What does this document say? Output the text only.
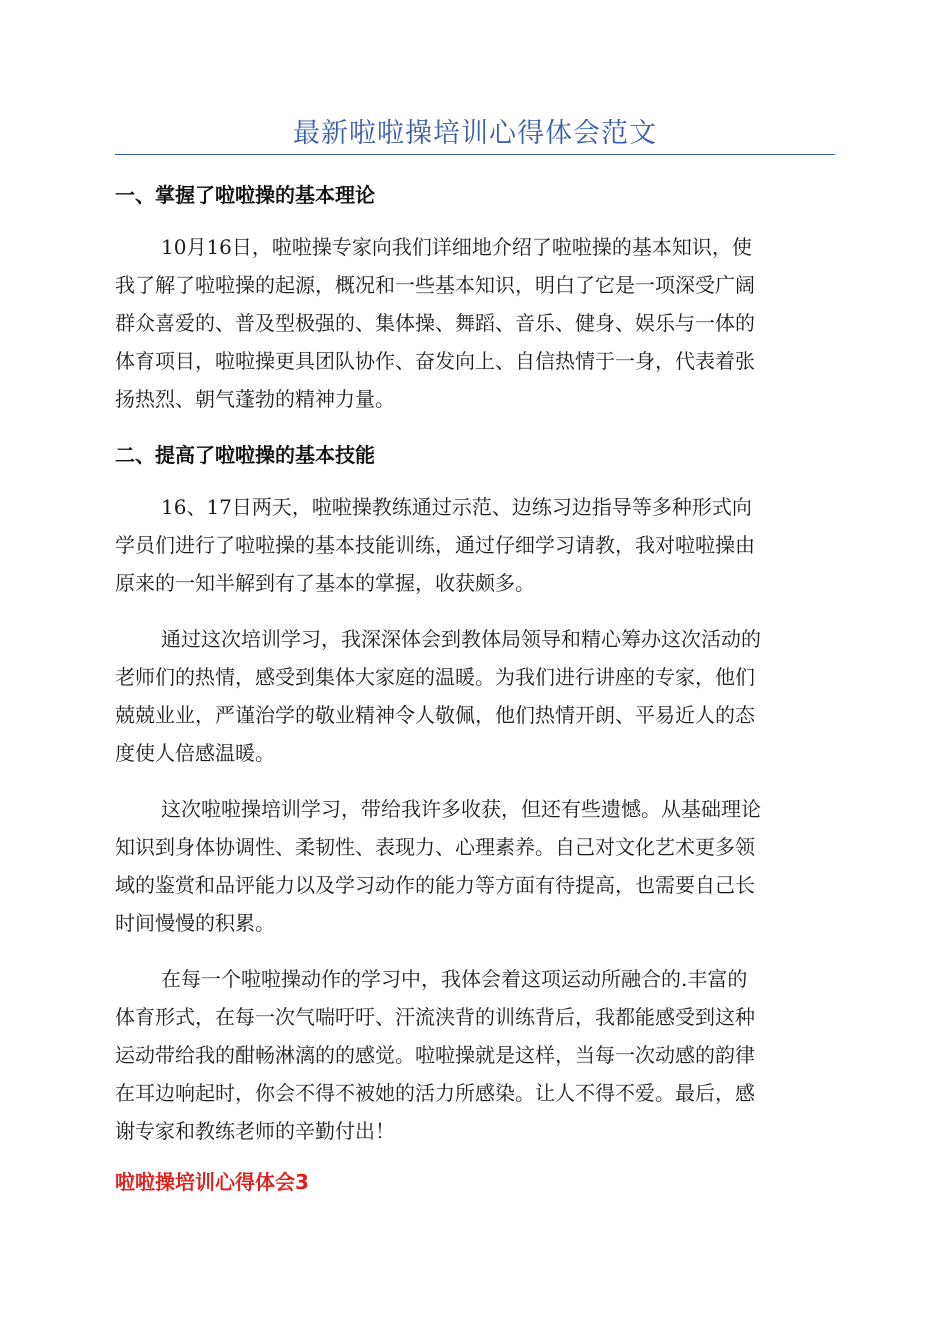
最新啦啦操培训心得体会范文
一、掌握了啦啦操的基本理论
10月16日，啦啦操专家向我们详细地介绍了啦啦操的基本知识，使
我了解了啦啦操的起源，概况和一些基本知识，明白了它是一项深受广阔
群众喜爱的、普及型极强的、集体操、舞蹈、音乐、健身、娱乐与一体的
体育项目，啦啦操更具团队协作、奋发向上、自信热情于一身，代表着张
扬热烈、朝气蓬勃的精神力量。
二、提高了啦啦操的基本技能
16、17日两天，啦啦操教练通过示范、边练习边指导等多种形式向
学员们进行了啦啦操的基本技能训练，通过仔细学习请教，我对啦啦操由
原来的一知半解到有了基本的掌握，收获颇多。
通过这次培训学习，我深深体会到教体局领导和精心筹办这次活动的
老师们的热情，感受到集体大家庭的温暖。为我们进行讲座的专家，他们
兢兢业业，严谨治学的敬业精神令人敬佩，他们热情开朗、平易近人的态
度使人倍感温暖。
这次啦啦操培训学习，带给我许多收获，但还有些遗憾。从基础理论
知识到身体协调性、柔韧性、表现力、心理素养。自己对文化艺术更多领
域的鉴赏和品评能力以及学习动作的能力等方面有待提高，也需要自己长
时间慢慢的积累。
在每一个啦啦操动作的学习中，我体会着这项运动所融合的.丰富的
体育形式，在每一次气喘吁吁、汗流浃背的训练背后，我都能感受到这种
运动带给我的酣畅淋漓的的感觉。啦啦操就是这样，当每一次动感的韵律
在耳边响起时，你会不得不被她的活力所感染。让人不得不爱。最后，感
谢专家和教练老师的辛勤付出！
啦啦操培训心得体会3
